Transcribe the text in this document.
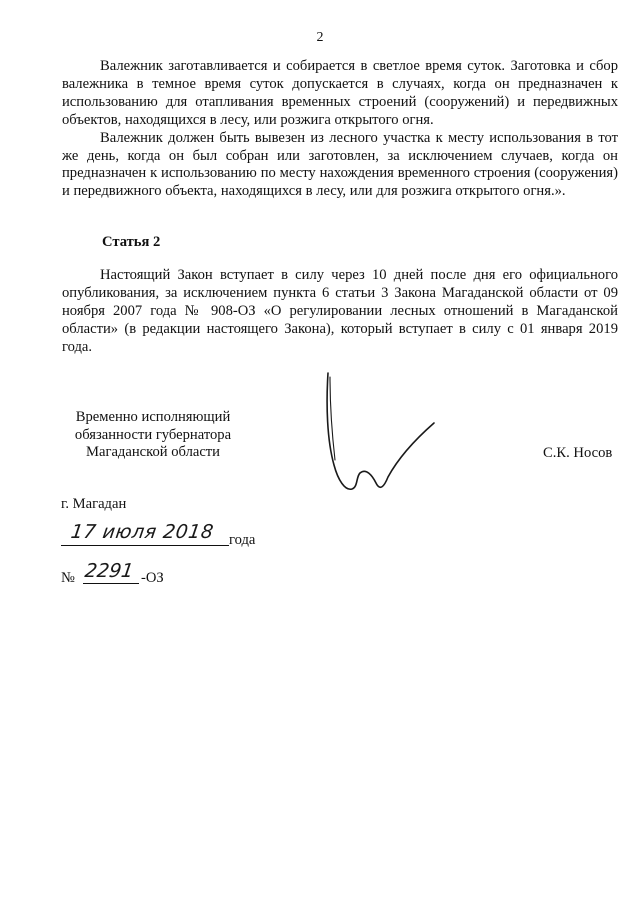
2

Валежник заготавливается и собирается в светлое время суток. Заготовка и сбор валежника в темное время суток допускается в случаях, когда он предназначен к использованию для отапливания временных строений (сооружений) и передвижных объектов, находящихся в лесу, или розжига открытого огня.

Валежник должен быть вывезен из лесного участка к месту использования в тот же день, когда он был собран или заготовлен, за исключением случаев, когда он предназначен к использованию по месту нахождения временного строения (сооружения) и передвижного объекта, находящихся в лесу, или для розжига открытого огня.».

Статья 2

Настоящий Закон вступает в силу через 10 дней после дня его официального опубликования, за исключением пункта 6 статьи 3 Закона Магаданской области от 09 ноября 2007 года № 908-ОЗ «О регулировании лесных отношений в Магаданской области» (в редакции настоящего Закона), который вступает в силу с 01 января 2019 года.

Временно исполняющий
обязанности губернатора
Магаданской области	С.К. Носов
г. Магадан
17 июля 2018 года
№ 2291 -ОЗ
